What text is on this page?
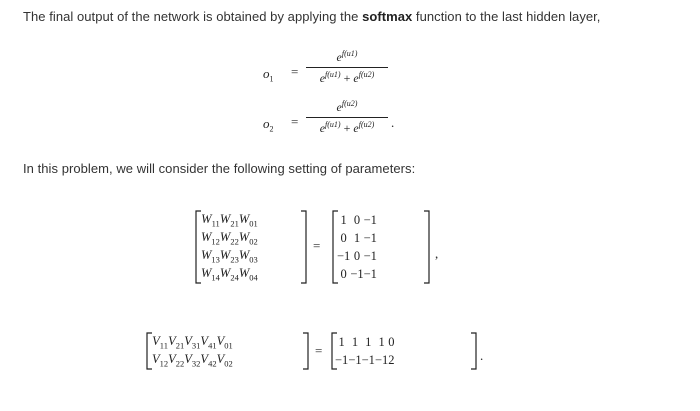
The final output of the network is obtained by applying the softmax function to the last hidden layer,
$o_1$
=
$e^{f(u1)}$
$e^{f(u1)} + e^{f(u2)}$
$o_2$
=
$e^{f(u2)}$
$e^{f(u1)} + e^{f(u2)}$	.
In this problem, we will consider the following setting of parameters:
$W_{11}$	$W_{21}$	$W_{01}$
$W_{12}$	$W_{22}$	$W_{02}$
$W_{13}$	$W_{23}$	$W_{03}$
$W_{14}$	$W_{24}$	$W_{04}$
=
1	0	−1
0	1	−1
−1	0	−1
0	−1	−1
,
$V_{11}$	$V_{21}$	$V_{31}$	$V_{41}$	$V_{01}$
$V_{12}$	$V_{22}$	$V_{32}$	$V_{42}$	$V_{02}$
=
1	1	1	1	0
−1	−1	−1	−1	2	.
